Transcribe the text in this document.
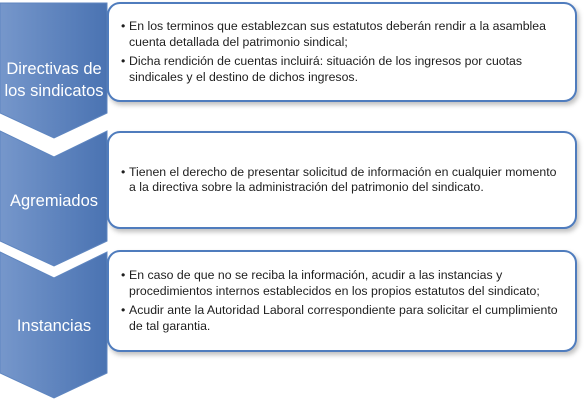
Directivas de
los sindicatos
Agremiados
Instancias
• En los terminos que establezcan sus estatutos deberán rendir a la asamblea cuenta detallada del patrimonio sindical;
• Dicha rendición de cuentas incluirá: situación de los ingresos por cuotas sindicales y el destino de dichos ingresos.
• Tienen el derecho de presentar solicitud de información en cualquier momento a la directiva sobre la administración del patrimonio del sindicato.
• En caso de que no se reciba la información, acudir a las instancias y procedimientos internos establecidos en los propios estatutos del sindicato;
• Acudir ante la Autoridad Laboral correspondiente para solicitar el cumplimiento de tal garantia.
